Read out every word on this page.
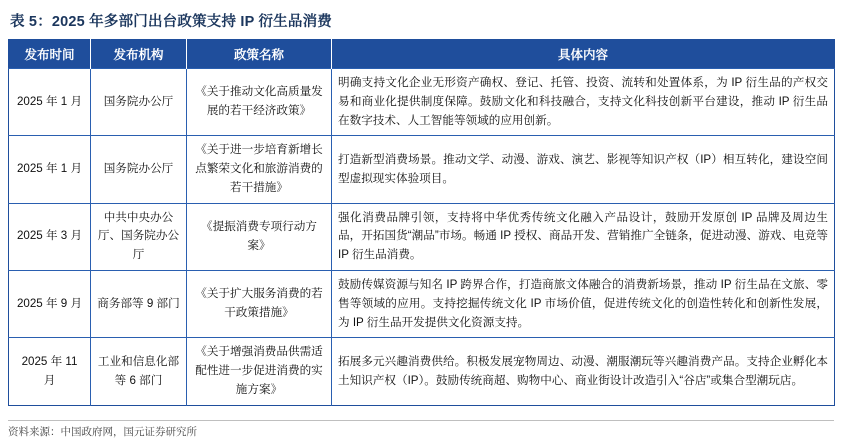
表 5：2025 年多部门出台政策支持 IP 衍生品消费
发布时间	发布机构	政策名称	具体内容
2025 年 1 月	国务院办公厅	《关于推动文化高质量发展的若干经济政策》	明确支持文化企业无形资产确权、登记、托管、投资、流转和处置体系，为 IP 衍生品的产权交易和商业化提供制度保障。鼓励文化和科技融合，支持文化科技创新平台建设，推动 IP 衍生品在数字技术、人工智能等领域的应用创新。
2025 年 1 月	国务院办公厅	《关于进一步培育新增长点繁荣文化和旅游消费的若干措施》	打造新型消费场景。推动文学、动漫、游戏、演艺、影视等知识产权（IP）相互转化，建设空间型虚拟现实体验项目。
2025 年 3 月	中共中央办公厅、国务院办公厅	《提振消费专项行动方案》	强化消费品牌引领，支持将中华优秀传统文化融入产品设计，鼓励开发原创 IP 品牌及周边生品，开拓国货“潮品”市场。畅通 IP 授权、商品开发、营销推广全链条，促进动漫、游戏、电竞等 IP 衍生品消费。
2025 年 9 月	商务部等 9 部门	《关于扩大服务消费的若干政策措施》	鼓励传媒资源与知名 IP 跨界合作，打造商旅文体融合的消费新场景，推动 IP 衍生品在文旅、零售等领域的应用。支持挖掘传统文化 IP 市场价值，促进传统文化的创造性转化和创新性发展，为 IP 衍生品开发提供文化资源支持。
2025 年 11 月	工业和信息化部等 6 部门	《关于增强消费品供需适配性进一步促进消费的实施方案》	拓展多元兴趣消费供给。积极发展宠物周边、动漫、潮服潮玩等兴趣消费产品。支持企业孵化本土知识产权（IP）。鼓励传统商超、购物中心、商业街设计改造引入“谷店”或集合型潮玩店。
资料来源：中国政府网，国元证券研究所
